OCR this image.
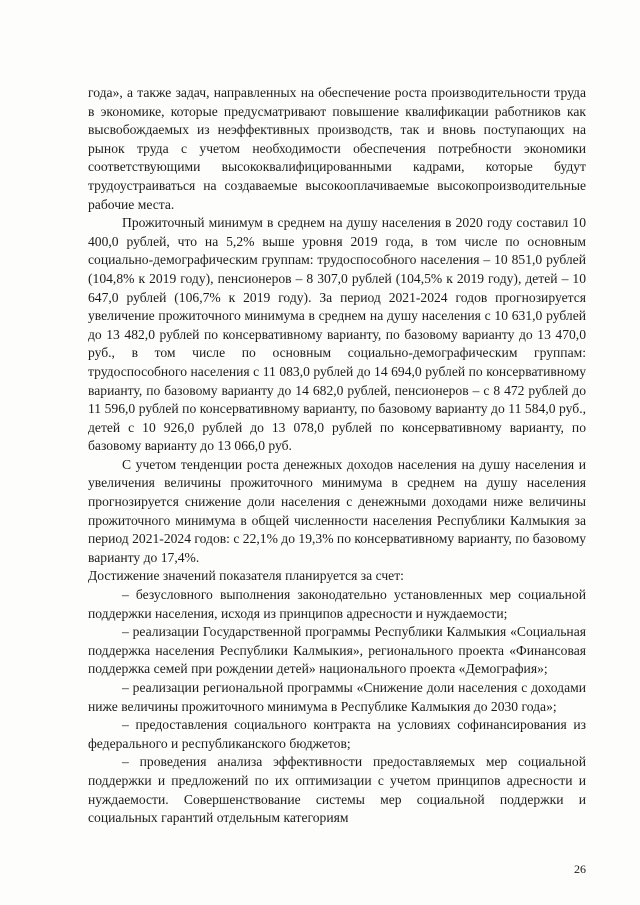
года», а также задач, направленных на обеспечение роста производительности труда в экономике, которые предусматривают повышение квалификации работников как высвобождаемых из неэффективных производств, так и вновь поступающих на рынок труда с учетом необходимости обеспечения потребности экономики соответствующими высококвалифицированными кадрами, которые будут трудоустраиваться на создаваемые высокооплачиваемые высокопроизводительные рабочие места.

Прожиточный минимум в среднем на душу населения в 2020 году составил 10 400,0 рублей, что на 5,2% выше уровня 2019 года, в том числе по основным социально-демографическим группам: трудоспособного населения – 10 851,0 рублей (104,8% к 2019 году), пенсионеров – 8 307,0 рублей (104,5% к 2019 году), детей – 10 647,0 рублей (106,7% к 2019 году). За период 2021-2024 годов прогнозируется увеличение прожиточного минимума в среднем на душу населения с 10 631,0 рублей до 13 482,0 рублей по консервативному варианту, по базовому варианту до 13 470,0 руб., в том числе по основным социально-демографическим группам: трудоспособного населения с 11 083,0 рублей до 14 694,0 рублей по консервативному варианту, по базовому варианту до 14 682,0 рублей, пенсионеров – с 8 472 рублей до 11 596,0 рублей по консервативному варианту, по базовому варианту до 11 584,0 руб., детей с 10 926,0 рублей до 13 078,0 рублей по консервативному варианту, по базовому варианту до 13 066,0 руб.

С учетом тенденции роста денежных доходов населения на душу населения и увеличения величины прожиточного минимума в среднем на душу населения прогнозируется снижение доли населения с денежными доходами ниже величины прожиточного минимума в общей численности населения Республики Калмыкия за период 2021-2024 годов: с 22,1% до 19,3% по консервативному варианту, по базовому варианту до 17,4%.

Достижение значений показателя планируется за счет:

– безусловного выполнения законодательно установленных мер социальной поддержки населения, исходя из принципов адресности и нуждаемости;

– реализации Государственной программы Республики Калмыкия «Социальная поддержка населения Республики Калмыкия», регионального проекта «Финансовая поддержка семей при рождении детей» национального проекта «Демография»;

– реализации региональной программы «Снижение доли населения с доходами ниже величины прожиточного минимума в Республике Калмыкия до 2030 года»;

– предоставления социального контракта на условиях софинансирования из федерального и республиканского бюджетов;

– проведения анализа эффективности предоставляемых мер социальной поддержки и предложений по их оптимизации с учетом принципов адресности и нуждаемости. Совершенствование системы мер социальной поддержки и социальных гарантий отдельным категориям

26
